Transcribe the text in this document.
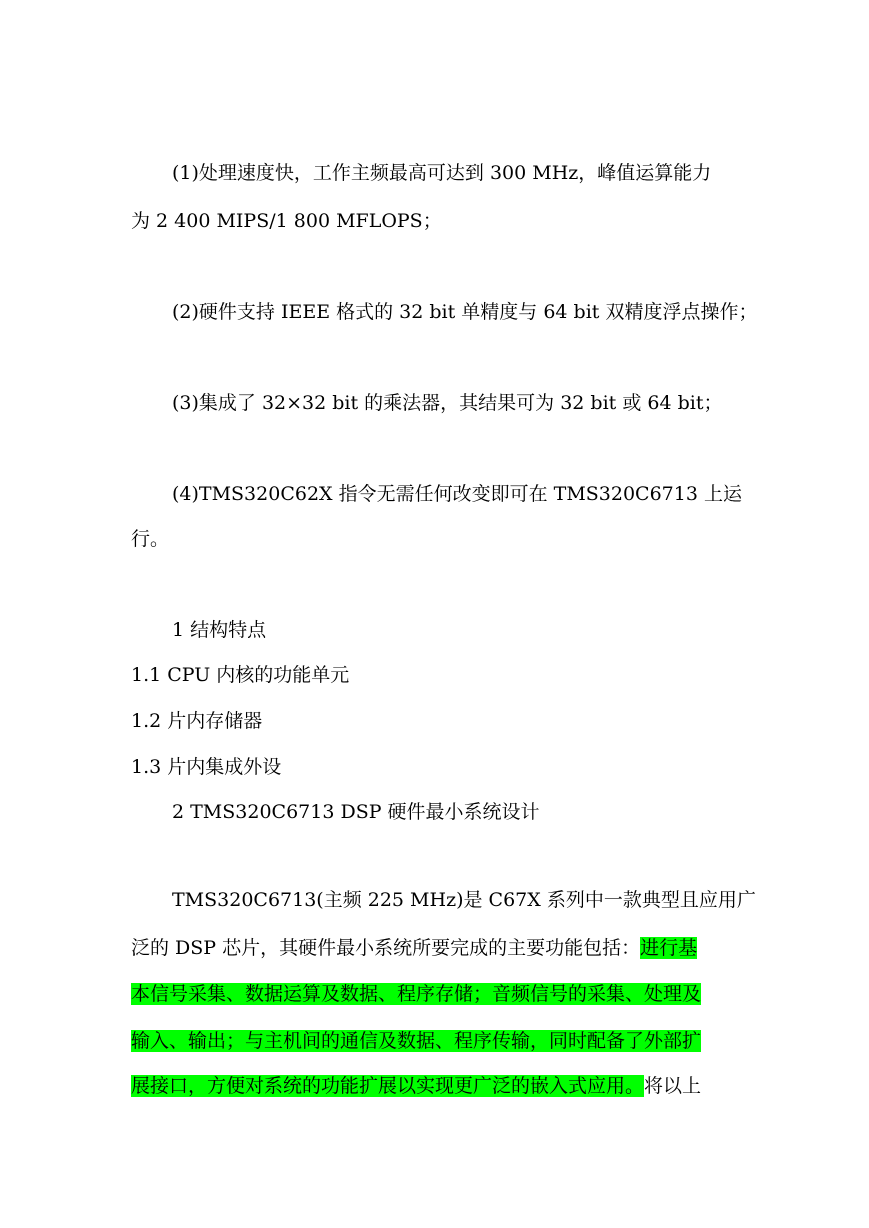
(1)处理速度快，工作主频最高可达到 300 MHz，峰值运算能力
为 2 400 MIPS/1 800 MFLOPS；
(2)硬件支持 IEEE 格式的 32 bit 单精度与 64 bit 双精度浮点操作；
(3)集成了 32×32 bit 的乘法器，其结果可为 32 bit 或 64 bit；
(4)TMS320C62X 指令无需任何改变即可在 TMS320C6713 上运
行。
1 结构特点
1.1 CPU 内核的功能单元
1.2 片内存储器
1.3 片内集成外设
2 TMS320C6713 DSP 硬件最小系统设计
TMS320C6713(主频 225 MHz)是 C67X 系列中一款典型且应用广
泛的 DSP 芯片，其硬件最小系统所要完成的主要功能包括：进行基
本信号采集、数据运算及数据、程序存储；音频信号的采集、处理及
输入、输出；与主机间的通信及数据、程序传输，同时配备了外部扩
展接口，方便对系统的功能扩展以实现更广泛的嵌入式应用。将以上
